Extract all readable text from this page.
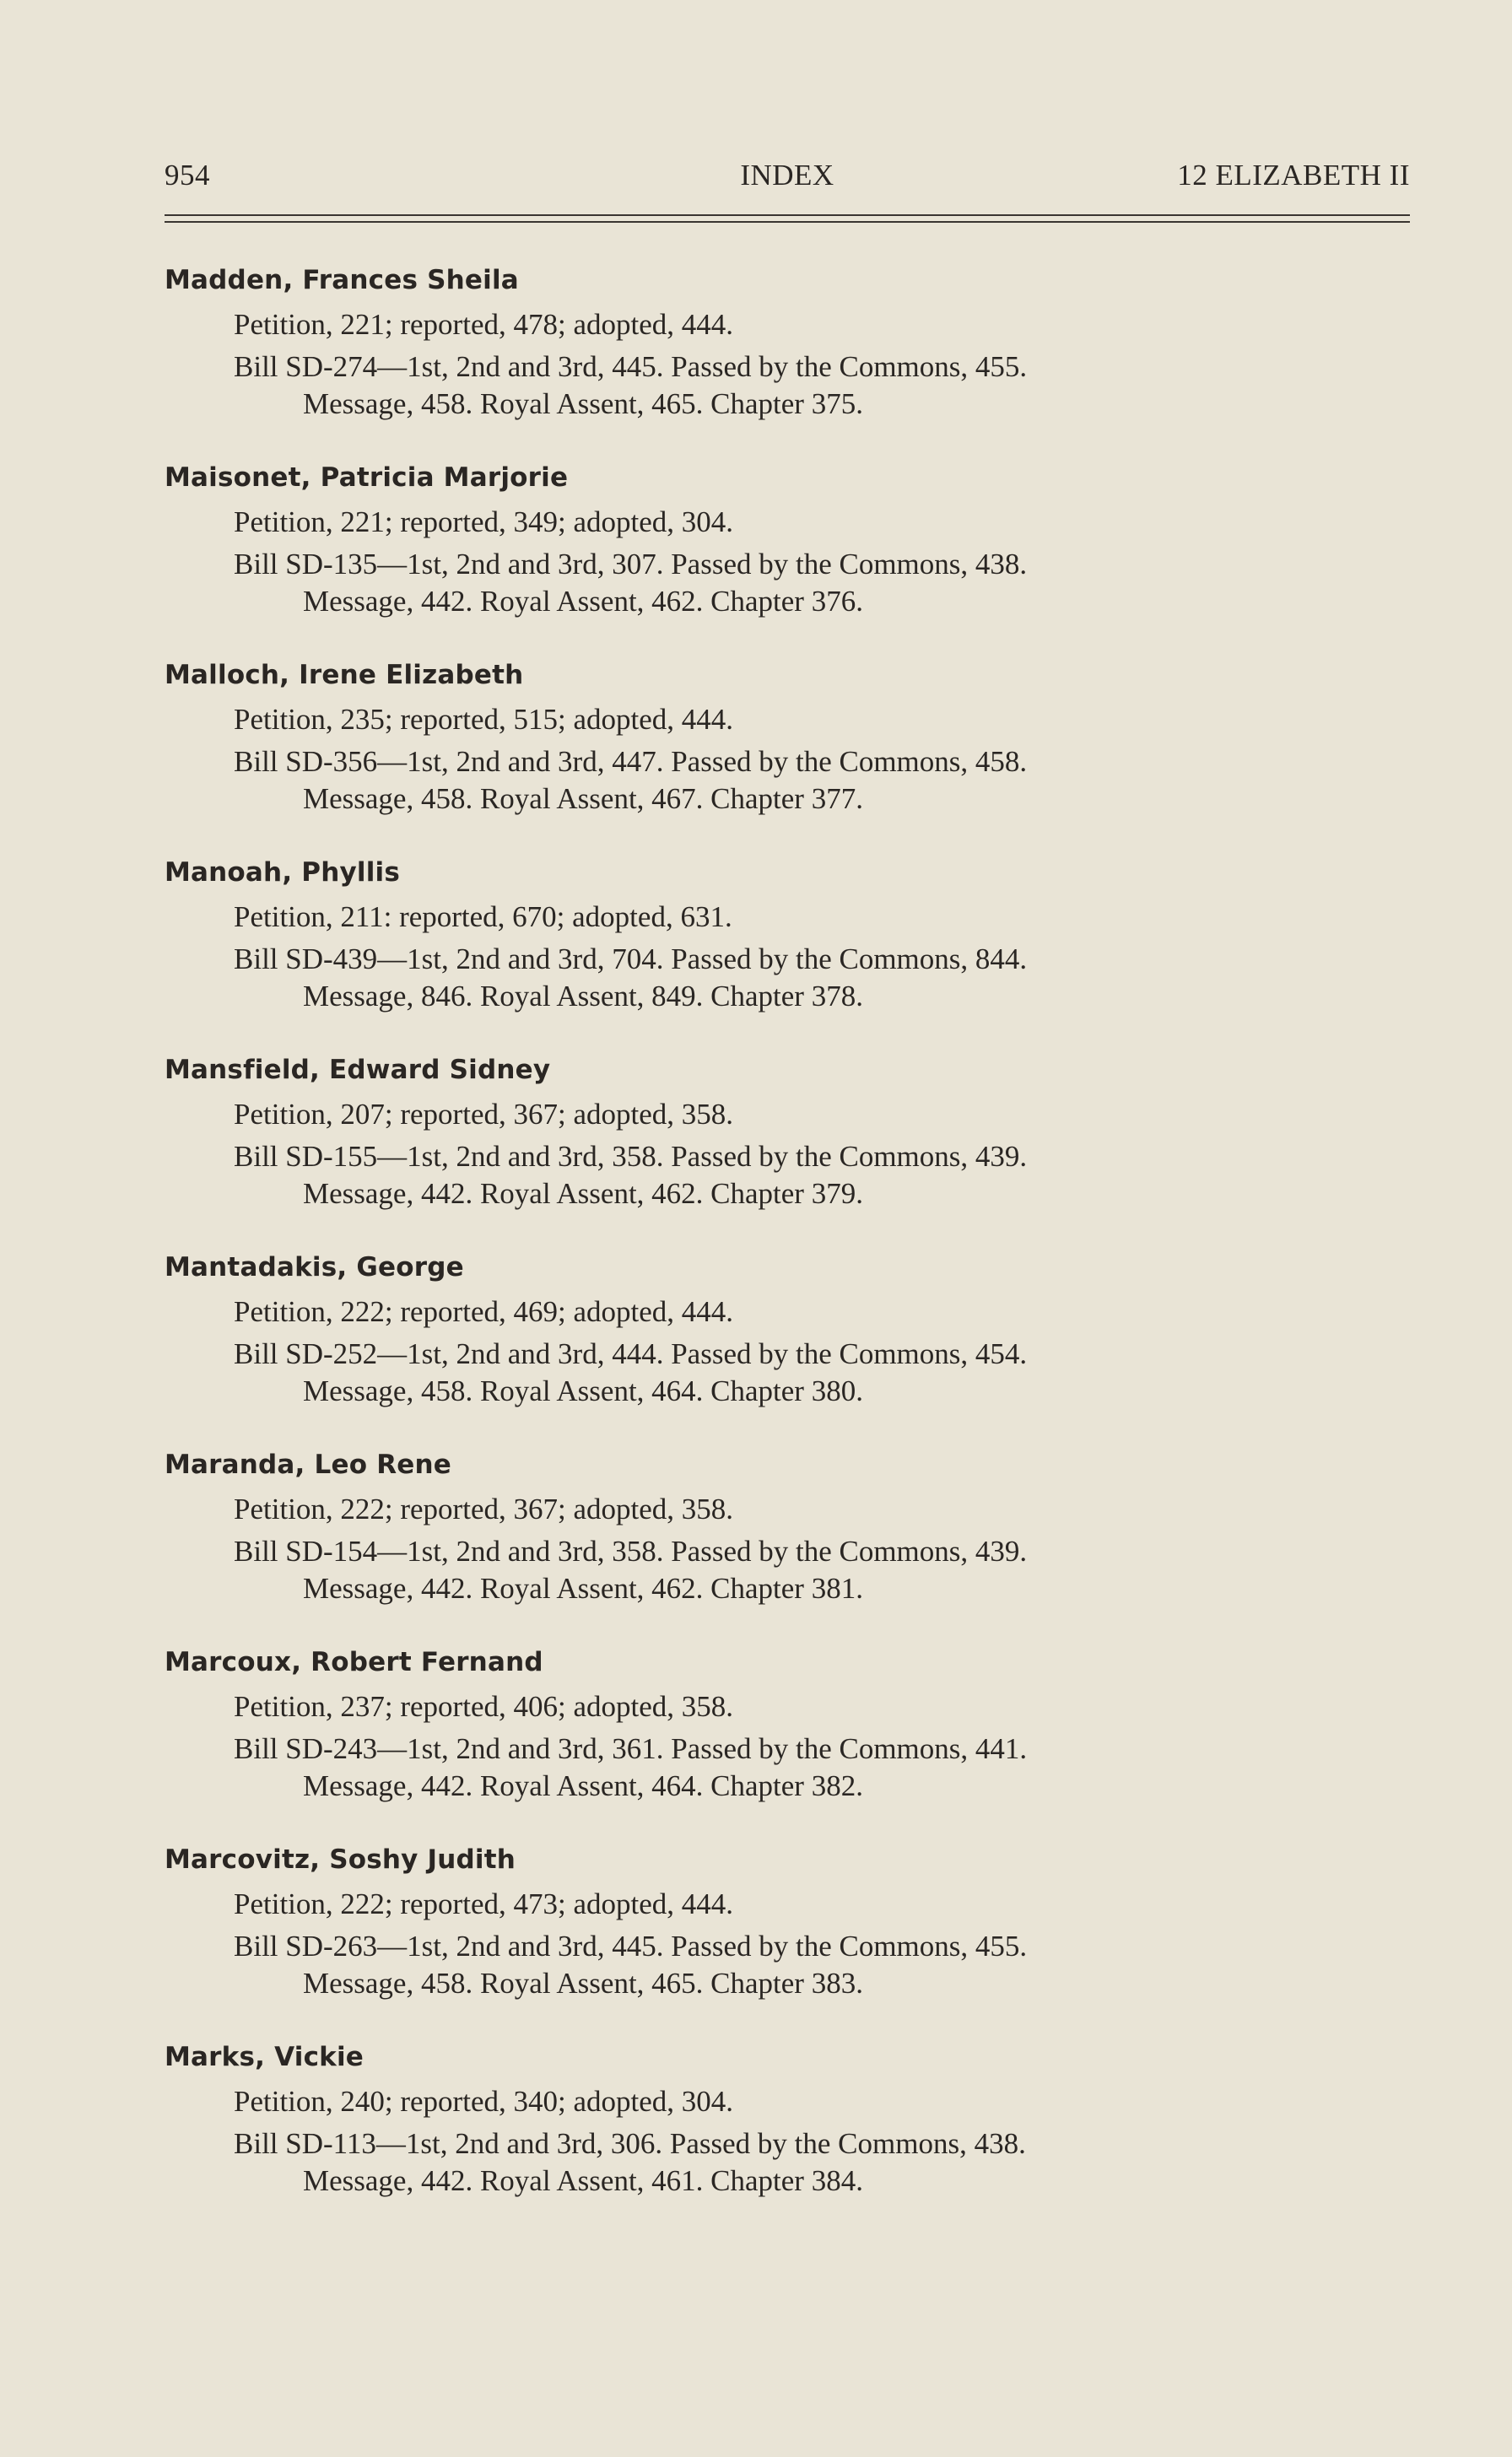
954	INDEX	12 ELIZABETH II

Madden, Frances Sheila

Petition, 221; reported, 478; adopted, 444.

Bill SD-274—1st, 2nd and 3rd, 445. Passed by the Commons, 455.

Message, 458. Royal Assent, 465. Chapter 375.

Maisonet, Patricia Marjorie

Petition, 221; reported, 349; adopted, 304.

Bill SD-135—1st, 2nd and 3rd, 307. Passed by the Commons, 438.

Message, 442. Royal Assent, 462. Chapter 376.

Malloch, Irene Elizabeth

Petition, 235; reported, 515; adopted, 444.

Bill SD-356—1st, 2nd and 3rd, 447. Passed by the Commons, 458.

Message, 458. Royal Assent, 467. Chapter 377.

Manoah, Phyllis

Petition, 211: reported, 670; adopted, 631.

Bill SD-439—1st, 2nd and 3rd, 704. Passed by the Commons, 844.

Message, 846. Royal Assent, 849. Chapter 378.

Mansfield, Edward Sidney

Petition, 207; reported, 367; adopted, 358.

Bill SD-155—1st, 2nd and 3rd, 358. Passed by the Commons, 439.

Message, 442. Royal Assent, 462. Chapter 379.

Mantadakis, George

Petition, 222; reported, 469; adopted, 444.

Bill SD-252—1st, 2nd and 3rd, 444. Passed by the Commons, 454.

Message, 458. Royal Assent, 464. Chapter 380.

Maranda, Leo Rene

Petition, 222; reported, 367; adopted, 358.

Bill SD-154—1st, 2nd and 3rd, 358. Passed by the Commons, 439.

Message, 442. Royal Assent, 462. Chapter 381.

Marcoux, Robert Fernand

Petition, 237; reported, 406; adopted, 358.

Bill SD-243—1st, 2nd and 3rd, 361. Passed by the Commons, 441.

Message, 442. Royal Assent, 464. Chapter 382.

Marcovitz, Soshy Judith

Petition, 222; reported, 473; adopted, 444.

Bill SD-263—1st, 2nd and 3rd, 445. Passed by the Commons, 455.

Message, 458. Royal Assent, 465. Chapter 383.

Marks, Vickie

Petition, 240; reported, 340; adopted, 304.

Bill SD-113—1st, 2nd and 3rd, 306. Passed by the Commons, 438.

Message, 442. Royal Assent, 461. Chapter 384.
